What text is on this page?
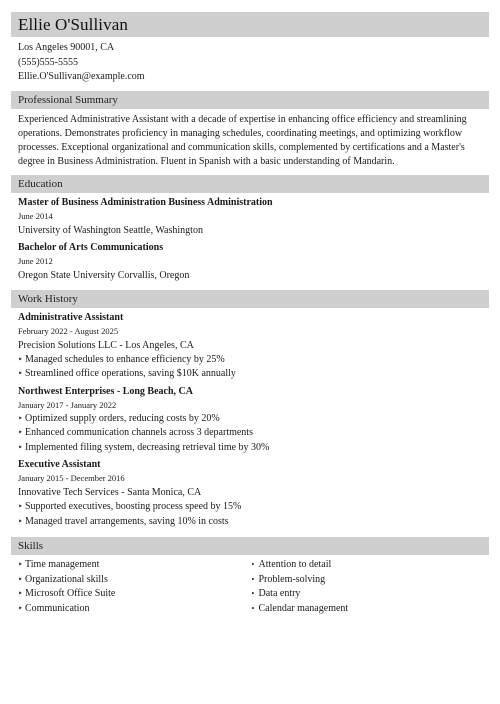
Ellie O'Sullivan
Los Angeles 90001, CA
(555)555-5555
Ellie.O'Sullivan@example.com
Professional Summary

Experienced Administrative Assistant with a decade of expertise in enhancing office efficiency and streamlining operations. Demonstrates proficiency in managing schedules, coordinating meetings, and optimizing workflow processes. Exceptional organizational and communication skills, complemented by certifications and a Master's degree in Business Administration. Fluent in Spanish with a basic understanding of Mandarin.

Education
Master of Business Administration Business Administration
June 2014
University of Washington Seattle, Washington
Bachelor of Arts Communications
June 2012
Oregon State University Corvallis, Oregon
Work History
Administrative Assistant
February 2022 - August 2025
Precision Solutions LLC - Los Angeles, CA
‣ Managed schedules to enhance efficiency by 25%
‣ Streamlined office operations, saving $10K annually
Northwest Enterprises - Long Beach, CA
January 2017 - January 2022
‣ Optimized supply orders, reducing costs by 20%
‣ Enhanced communication channels across 3 departments
‣ Implemented filing system, decreasing retrieval time by 30%
Executive Assistant
January 2015 - December 2016
Innovative Tech Services - Santa Monica, CA
‣ Supported executives, boosting process speed by 15%
‣ Managed travel arrangements, saving 10% in costs
Skills
‣ Time management
‣ Organizational skills
‣ Microsoft Office Suite
‣ Communication
• Attention to detail
• Problem-solving
• Data entry
• Calendar management
